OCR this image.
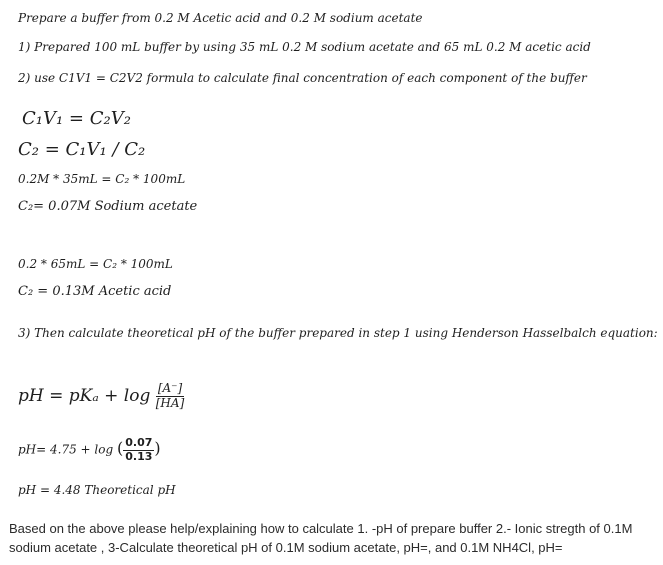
Prepare a buffer from 0.2 M Acetic acid and 0.2 M sodium acetate
1) Prepared 100 mL buffer by using 35 mL 0.2 M sodium acetate and 65 mL 0.2 M acetic acid
2) use C1V1 = C2V2 formula to calculate final concentration of each component of the buffer
C₁V₁ = C₂V₂
C₂ = C₁V₁ / C₂
0.2M * 35mL = C₂ * 100mL
C₂= 0.07M Sodium acetate
0.2 * 65mL = C₂ * 100mL
C₂ = 0.13M Acetic acid
3) Then calculate theoretical pH of the buffer prepared in step 1 using Henderson Hasselbalch equation:
pH = $pK_a + \log \frac{[A^-]}{[HA]}$
pH= 4.75 + log ( $\frac{0.07}{0.13}$ )
pH = 4.48 Theoretical pH
Based on the above please help/explaining how to calculate 1. -pH of prepare buffer 2.- Ionic stregth of 0.1M sodium acetate , 3-Calculate theoretical pH of 0.1M sodium acetate, pH=, and 0.1M NH4Cl, pH=
